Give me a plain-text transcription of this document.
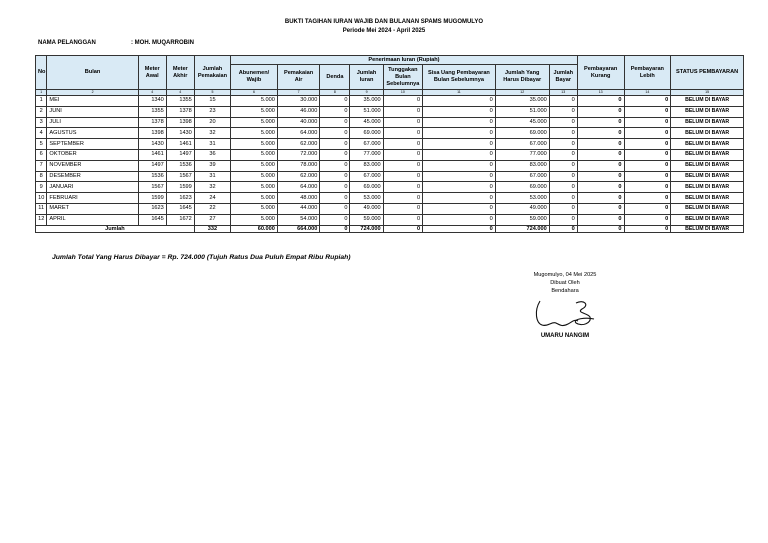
BUKTI TAGIHAN IURAN WAJIB DAN BULANAN SPAMS MUGOMULYO
Periode Mei 2024 - April 2025
NAMA PELANGGAN	: MOH. MUQARROBIN
No	Bulan	Meter Awal	Meter Akhir	Jumlah Pemakaian	Penerimaan Iuran (Rupiah)								Pembayaran Kurang	Pembayaran Lebih	STATUS PEMBAYARAN
					Abunemen/ Wajib	Pemakaian Air	Denda	Jumlah Iuran	Tunggakan Bulan Sebelumnya	Sisa Uang Pembayaran Bulan Sebelumnya	Jumlah Yang Harus Dibayar	Jumlah Bayar			
1	2	4	4	5	6	7	8	9	10	11	12	13	13	14	15
1	MEI	1340	1355	15	5.000	30.000	0	35.000	0	0	35.000	0	0	0	BELUM DI BAYAR
2	JUNI	1355	1378	23	5.000	46.000	0	51.000	0	0	51.000	0	0	0	BELUM DI BAYAR
3	JULI	1378	1398	20	5.000	40.000	0	45.000	0	0	45.000	0	0	0	BELUM DI BAYAR
4	AGUSTUS	1398	1430	32	5.000	64.000	0	69.000	0	0	69.000	0	0	0	BELUM DI BAYAR
5	SEPTEMBER	1430	1461	31	5.000	62.000	0	67.000	0	0	67.000	0	0	0	BELUM DI BAYAR
6	OKTOBER	1461	1497	36	5.000	72.000	0	77.000	0	0	77.000	0	0	0	BELUM DI BAYAR
7	NOVEMBER	1497	1536	39	5.000	78.000	0	83.000	0	0	83.000	0	0	0	BELUM DI BAYAR
8	DESEMBER	1536	1567	31	5.000	62.000	0	67.000	0	0	67.000	0	0	0	BELUM DI BAYAR
9	JANUARI	1567	1599	32	5.000	64.000	0	69.000	0	0	69.000	0	0	0	BELUM DI BAYAR
10	FEBRUARI	1599	1623	24	5.000	48.000	0	53.000	0	0	53.000	0	0	0	BELUM DI BAYAR
11	MARET	1623	1645	22	5.000	44.000	0	49.000	0	0	49.000	0	0	0	BELUM DI BAYAR
12	APRIL	1645	1672	27	5.000	54.000	0	59.000	0	0	59.000	0	0	0	BELUM DI BAYAR
Jumlah				332	60.000	664.000	0	724.000	0	0	724.000	0	0	0	BELUM DI BAYAR
Jumlah Total Yang Harus Dibayar = Rp. 724.000 (Tujuh Ratus Dua Puluh Empat Ribu Rupiah)
Mugomulyo, 04 Mei 2025
Dibuat Oleh
Bendahara
UMARU NANGIM
